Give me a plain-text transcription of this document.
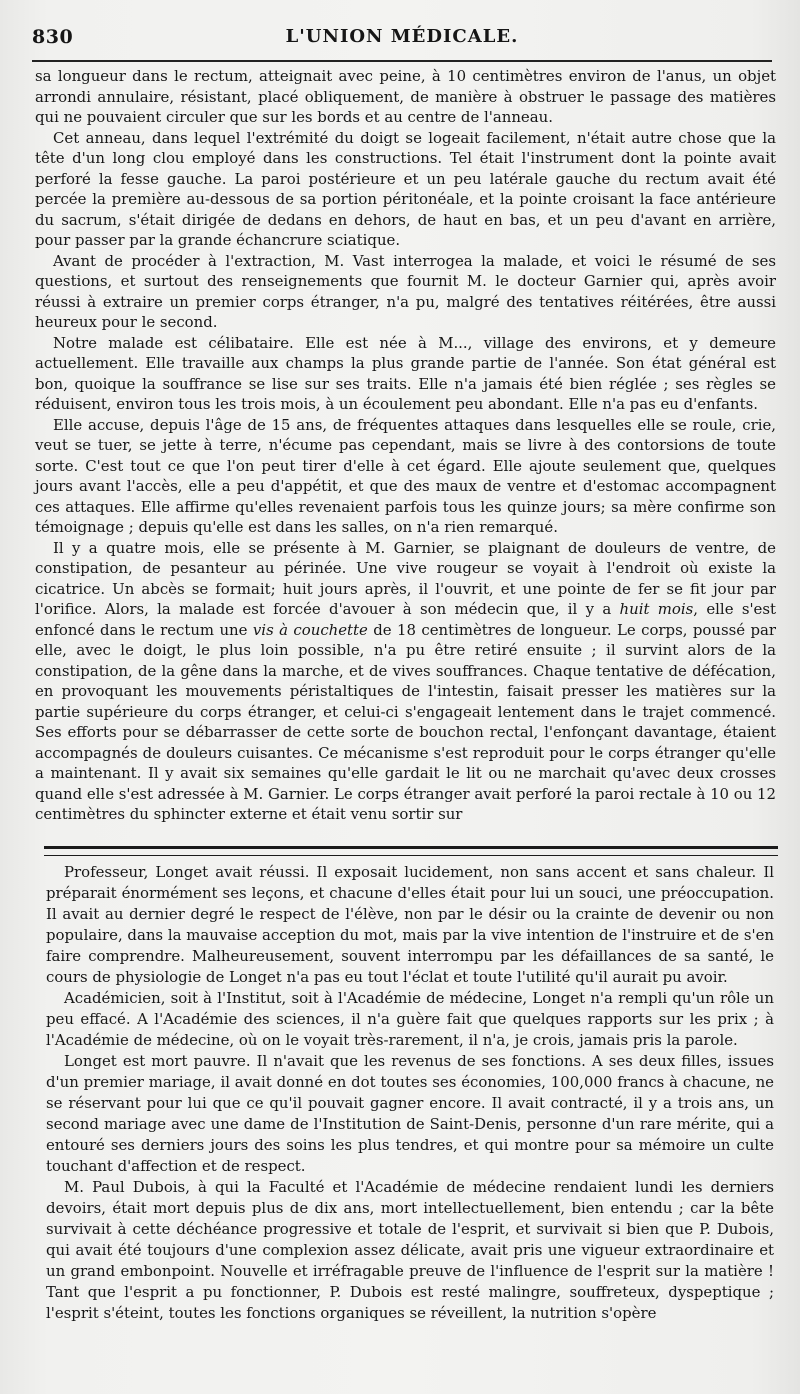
830	L'UNION MÉDICALE.

sa longueur dans le rectum, atteignait avec peine, à 10 centimètres environ de l'anus, un objet arrondi annulaire, résistant, placé obliquement, de manière à obstruer le passage des matières qui ne pouvaient circuler que sur les bords et au centre de l'anneau.

Cet anneau, dans lequel l'extrémité du doigt se logeait facilement, n'était autre chose que la tête d'un long clou employé dans les constructions. Tel était l'instrument dont la pointe avait perforé la fesse gauche. La paroi postérieure et un peu latérale gauche du rectum avait été percée la première au-dessous de sa portion péritonéale, et la pointe croisant la face antérieure du sacrum, s'était dirigée de dedans en dehors, de haut en bas, et un peu d'avant en arrière, pour passer par la grande échancrure sciatique.

Avant de procéder à l'extraction, M. Vast interrogea la malade, et voici le résumé de ses questions, et surtout des renseignements que fournit M. le docteur Garnier qui, après avoir réussi à extraire un premier corps étranger, n'a pu, malgré des tentatives réitérées, être aussi heureux pour le second.

Notre malade est célibataire. Elle est née à M..., village des environs, et y demeure actuellement. Elle travaille aux champs la plus grande partie de l'année. Son état général est bon, quoique la souffrance se lise sur ses traits. Elle n'a jamais été bien réglée ; ses règles se réduisent, environ tous les trois mois, à un écoulement peu abondant. Elle n'a pas eu d'enfants.

Elle accuse, depuis l'âge de 15 ans, de fréquentes attaques dans lesquelles elle se roule, crie, veut se tuer, se jette à terre, n'écume pas cependant, mais se livre à des contorsions de toute sorte. C'est tout ce que l'on peut tirer d'elle à cet égard. Elle ajoute seulement que, quelques jours avant l'accès, elle a peu d'appétit, et que des maux de ventre et d'estomac accompagnent ces attaques. Elle affirme qu'elles revenaient parfois tous les quinze jours; sa mère confirme son témoignage ; depuis qu'elle est dans les salles, on n'a rien remarqué.

Il y a quatre mois, elle se présente à M. Garnier, se plaignant de douleurs de ventre, de constipation, de pesanteur au périnée. Une vive rougeur se voyait à l'endroit où existe la cicatrice. Un abcès se formait; huit jours après, il l'ouvrit, et une pointe de fer se fit jour par l'orifice. Alors, la malade est forcée d'avouer à son médecin que, il y a huit mois, elle s'est enfoncé dans le rectum une vis à couchette de 18 centimètres de longueur. Le corps, poussé par elle, avec le doigt, le plus loin possible, n'a pu être retiré ensuite ; il survint alors de la constipation, de la gêne dans la marche, et de vives souffrances. Chaque tentative de défécation, en provoquant les mouvements péristaltiques de l'intestin, faisait presser les matières sur la partie supérieure du corps étranger, et celui-ci s'engageait lentement dans le trajet commencé. Ses efforts pour se débarrasser de cette sorte de bouchon rectal, l'enfonçant davantage, étaient accompagnés de douleurs cuisantes. Ce mécanisme s'est reproduit pour le corps étranger qu'elle a maintenant. Il y avait six semaines qu'elle gardait le lit ou ne marchait qu'avec deux crosses quand elle s'est adressée à M. Garnier. Le corps étranger avait perforé la paroi rectale à 10 ou 12 centimètres du sphincter externe et était venu sortir sur

Professeur, Longet avait réussi. Il exposait lucidement, non sans accent et sans chaleur. Il préparait énormément ses leçons, et chacune d'elles était pour lui un souci, une préoccupation. Il avait au dernier degré le respect de l'élève, non par le désir ou la crainte de devenir ou non populaire, dans la mauvaise acception du mot, mais par la vive intention de l'instruire et de s'en faire comprendre. Malheureusement, souvent interrompu par les défaillances de sa santé, le cours de physiologie de Longet n'a pas eu tout l'éclat et toute l'utilité qu'il aurait pu avoir.

Académicien, soit à l'Institut, soit à l'Académie de médecine, Longet n'a rempli qu'un rôle un peu effacé. A l'Académie des sciences, il n'a guère fait que quelques rapports sur les prix ; à l'Académie de médecine, où on le voyait très-rarement, il n'a, je crois, jamais pris la parole.

Longet est mort pauvre. Il n'avait que les revenus de ses fonctions. A ses deux filles, issues d'un premier mariage, il avait donné en dot toutes ses économies, 100,000 francs à chacune, ne se réservant pour lui que ce qu'il pouvait gagner encore. Il avait contracté, il y a trois ans, un second mariage avec une dame de l'Institution de Saint-Denis, personne d'un rare mérite, qui a entouré ses derniers jours des soins les plus tendres, et qui montre pour sa mémoire un culte touchant d'affection et de respect.

M. Paul Dubois, à qui la Faculté et l'Académie de médecine rendaient lundi les derniers devoirs, était mort depuis plus de dix ans, mort intellectuellement, bien entendu ; car la bête survivait à cette déchéance progressive et totale de l'esprit, et survivait si bien que P. Dubois, qui avait été toujours d'une complexion assez délicate, avait pris une vigueur extraordinaire et un grand embonpoint. Nouvelle et irréfragable preuve de l'influence de l'esprit sur la matière ! Tant que l'esprit a pu fonctionner, P. Dubois est resté malingre, souffreteux, dyspeptique ; l'esprit s'éteint, toutes les fonctions organiques se réveillent, la nutrition s'opère
